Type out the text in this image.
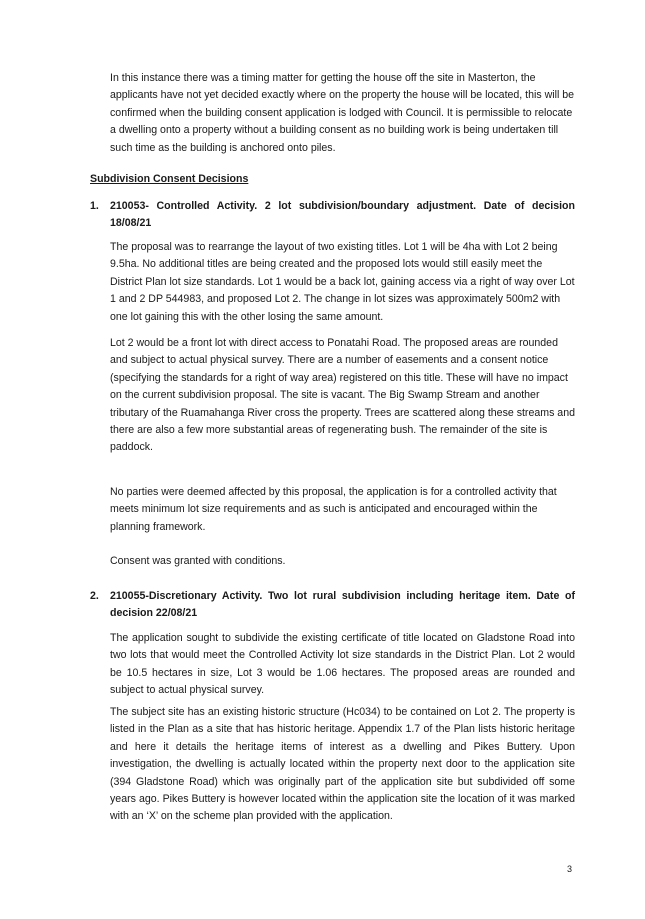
In this instance there was a timing matter for getting the house off the site in Masterton, the applicants have not yet decided exactly where on the property the house will be located, this will be confirmed when the building consent application is lodged with Council. It is permissible to relocate a dwelling onto a property without a building consent as no building work is being undertaken till such time as the building is anchored onto piles.

Subdivision Consent Decisions

1. 210053- Controlled Activity. 2 lot subdivision/boundary adjustment. Date of decision 18/08/21

The proposal was to rearrange the layout of two existing titles. Lot 1 will be 4ha with Lot 2 being 9.5ha. No additional titles are being created and the proposed lots would still easily meet the District Plan lot size standards. Lot 1 would be a back lot, gaining access via a right of way over Lot 1 and 2 DP 544983, and proposed Lot 2. The change in lot sizes was approximately 500m2 with one lot gaining this with the other losing the same amount.

Lot 2 would be a front lot with direct access to Ponatahi Road. The proposed areas are rounded and subject to actual physical survey. There are a number of easements and a consent notice (specifying the standards for a right of way area) registered on this title. These will have no impact on the current subdivision proposal. The site is vacant. The Big Swamp Stream and another tributary of the Ruamahanga River cross the property. Trees are scattered along these streams and there are also a few more substantial areas of regenerating bush. The remainder of the site is paddock.

No parties were deemed affected by this proposal, the application is for a controlled activity that meets minimum lot size requirements and as such is anticipated and encouraged within the planning framework.

Consent was granted with conditions.

2. 210055-Discretionary Activity. Two lot rural subdivision including heritage item. Date of decision 22/08/21

The application sought to subdivide the existing certificate of title located on Gladstone Road into two lots that would meet the Controlled Activity lot size standards in the District Plan. Lot 2 would be 10.5 hectares in size, Lot 3 would be 1.06 hectares. The proposed areas are rounded and subject to actual physical survey.

The subject site has an existing historic structure (Hc034) to be contained on Lot 2. The property is listed in the Plan as a site that has historic heritage. Appendix 1.7 of the Plan lists historic heritage and here it details the heritage items of interest as a dwelling and Pikes Buttery. Upon investigation, the dwelling is actually located within the property next door to the application site (394 Gladstone Road) which was originally part of the application site but subdivided off some years ago. Pikes Buttery is however located within the application site the location of it was marked with an ‘X’ on the scheme plan provided with the application.

3
